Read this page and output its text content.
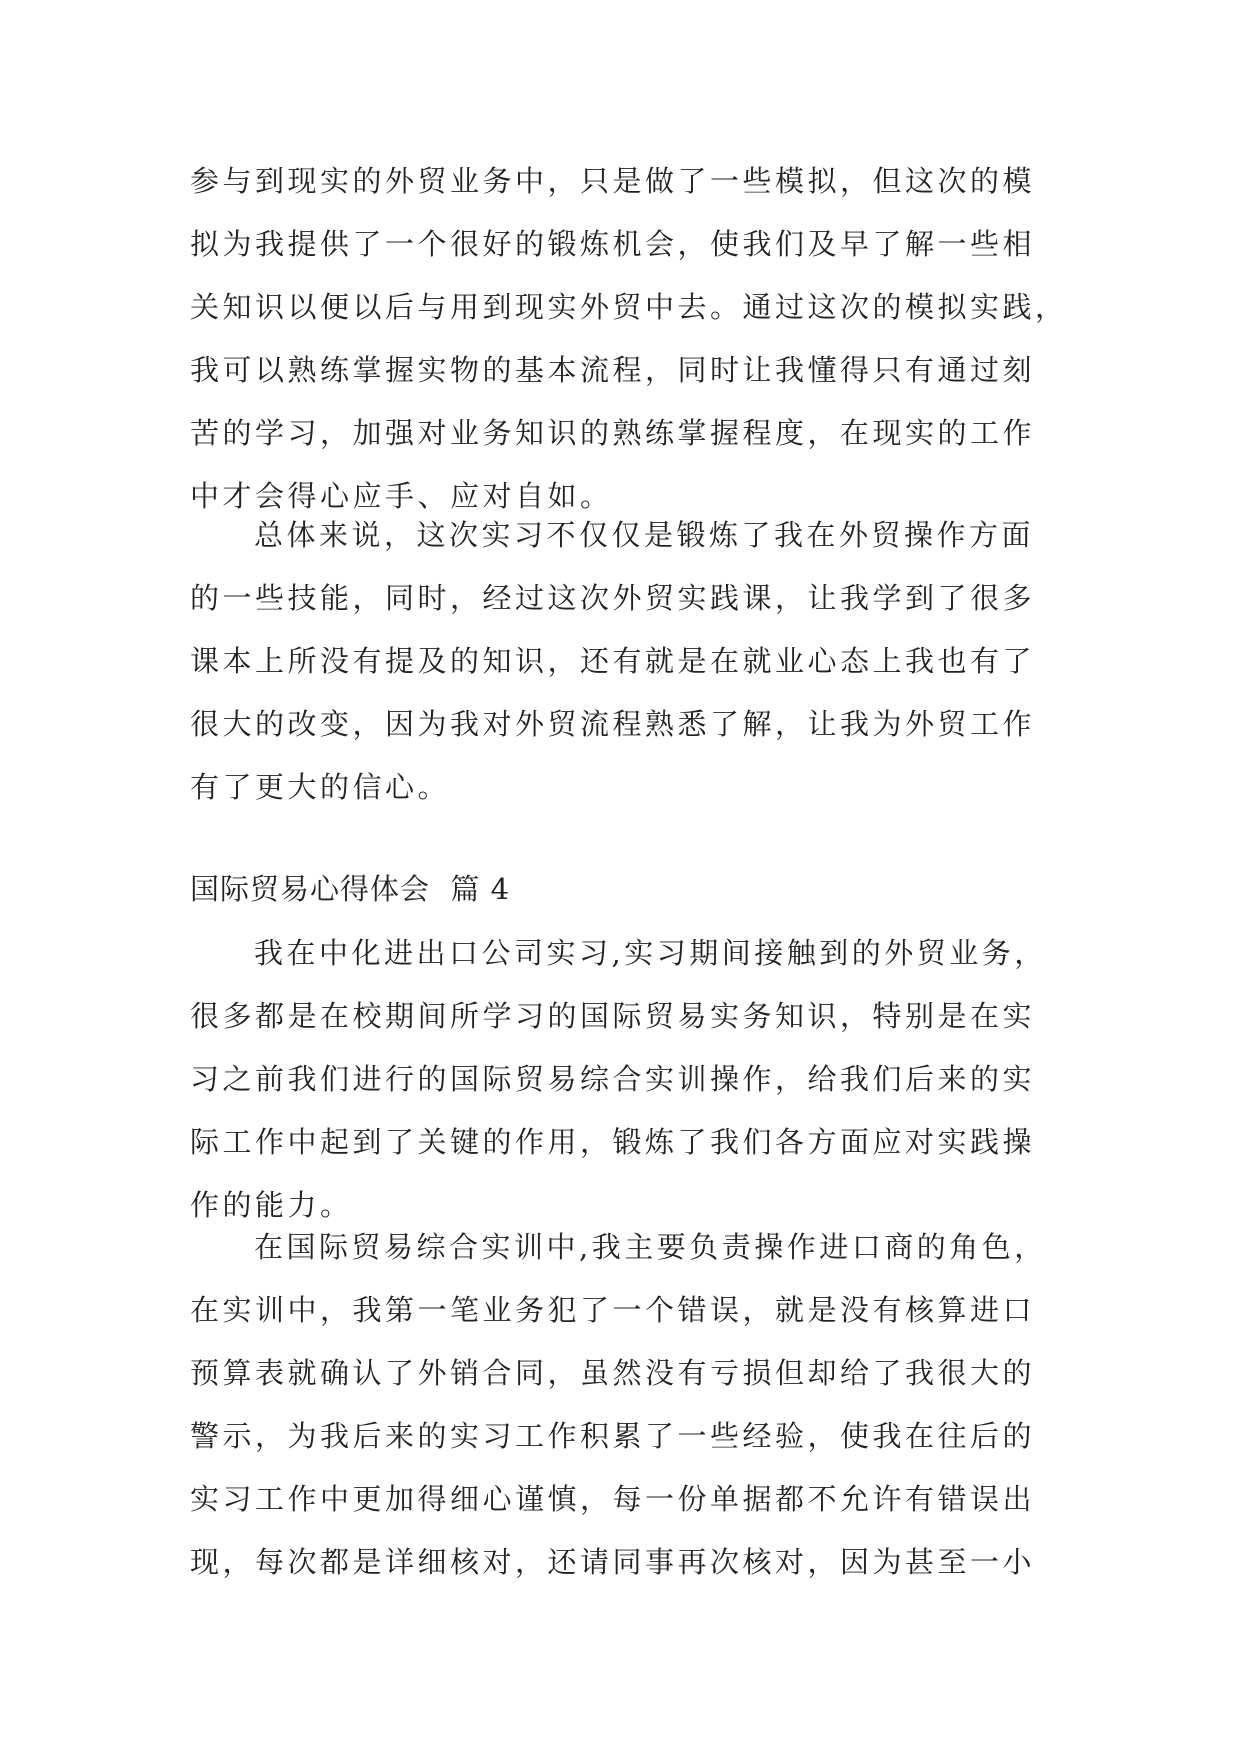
参与到现实的外贸业务中，只是做了一些模拟，但这次的模
拟为我提供了一个很好的锻炼机会，使我们及早了解一些相
关知识以便以后与用到现实外贸中去。通过这次的模拟实践，
我可以熟练掌握实物的基本流程，同时让我懂得只有通过刻
苦的学习，加强对业务知识的熟练掌握程度，在现实的工作
中才会得心应手、应对自如。
总体来说，这次实习不仅仅是锻炼了我在外贸操作方面
的一些技能，同时，经过这次外贸实践课，让我学到了很多
课本上所没有提及的知识，还有就是在就业心态上我也有了
很大的改变，因为我对外贸流程熟悉了解，让我为外贸工作
有了更大的信心。
国际贸易心得体会  篇 4
我在中化进出口公司实习,实习期间接触到的外贸业务，
很多都是在校期间所学习的国际贸易实务知识，特别是在实
习之前我们进行的国际贸易综合实训操作，给我们后来的实
际工作中起到了关键的作用，锻炼了我们各方面应对实践操
作的能力。
在国际贸易综合实训中,我主要负责操作进口商的角色，
在实训中，我第一笔业务犯了一个错误，就是没有核算进口
预算表就确认了外销合同，虽然没有亏损但却给了我很大的
警示，为我后来的实习工作积累了一些经验，使我在往后的
实习工作中更加得细心谨慎，每一份单据都不允许有错误出
现，每次都是详细核对，还请同事再次核对，因为甚至一小
